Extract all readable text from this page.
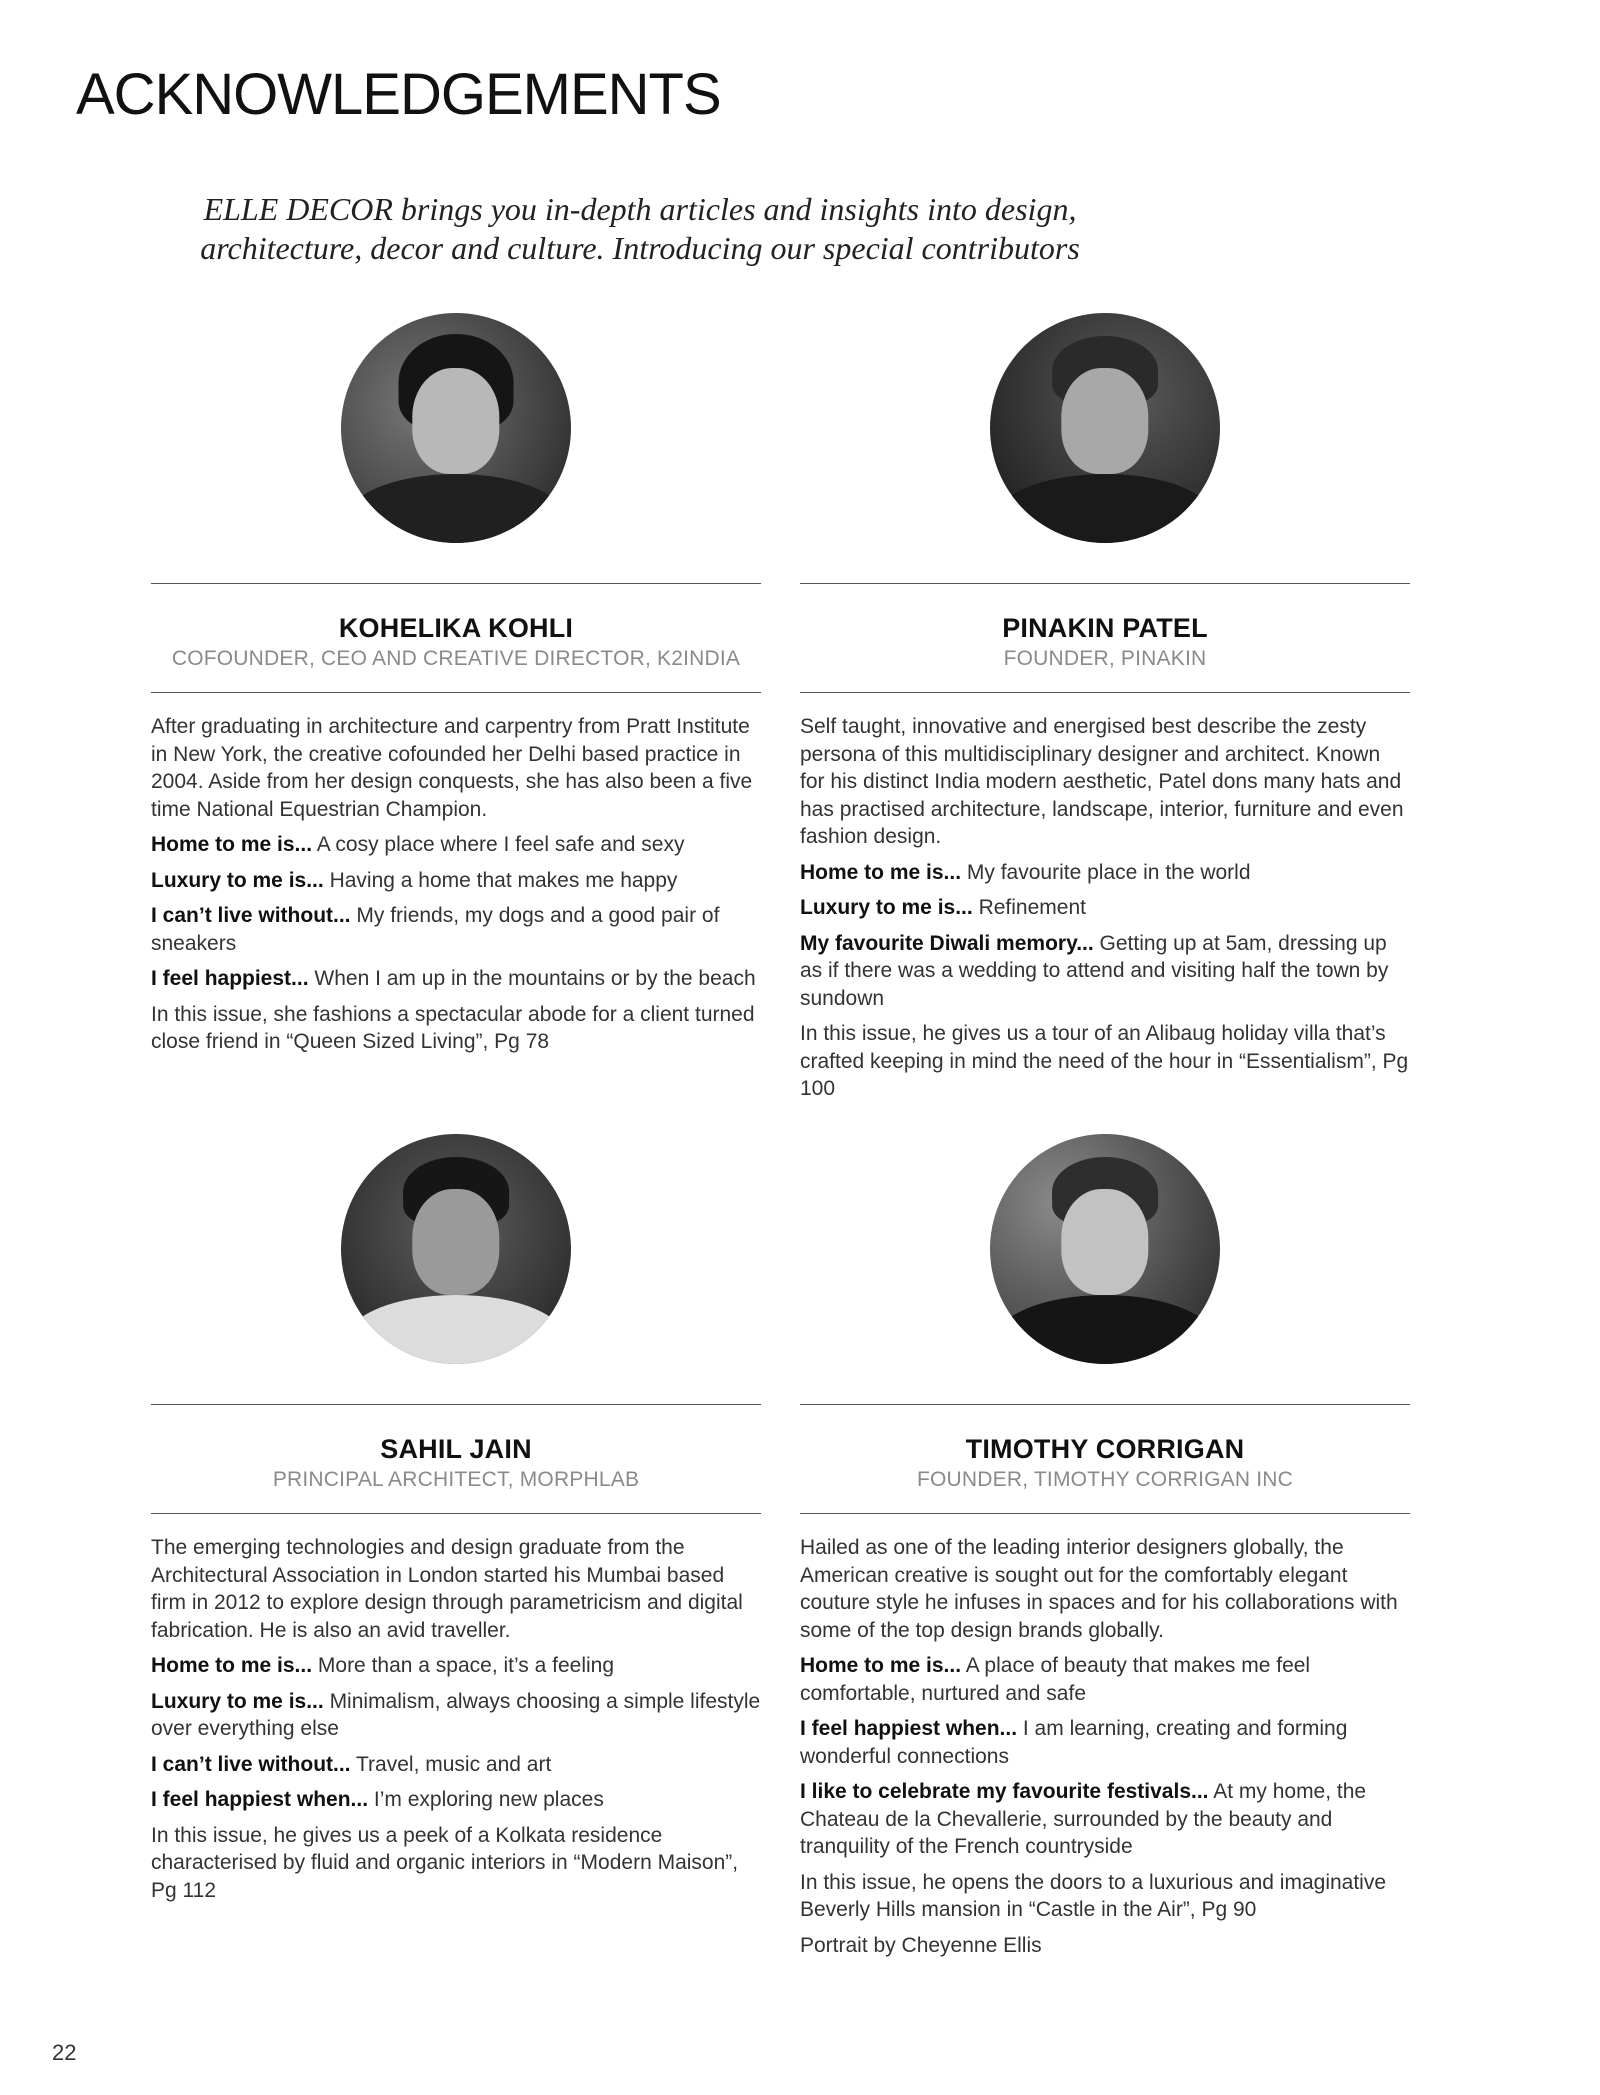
ACKNOWLEDGEMENTS

ELLE DECOR brings you in-depth articles and insights into design,
architecture, decor and culture. Introducing our special contributors

KOHELIKA KOHLI
COFOUNDER, CEO AND CREATIVE DIRECTOR, K2INDIA

After graduating in architecture and carpentry from Pratt Institute in New York, the creative cofounded her Delhi based practice in 2004. Aside from her design conquests, she has also been a five time National Equestrian Champion.

Home to me is... A cosy place where I feel safe and sexy

Luxury to me is... Having a home that makes me happy

I can’t live without... My friends, my dogs and a good pair of sneakers

I feel happiest... When I am up in the mountains or by the beach

In this issue, she fashions a spectacular abode for a client turned close friend in “Queen Sized Living”, Pg 78

PINAKIN PATEL
FOUNDER, PINAKIN

Self taught, innovative and energised best describe the zesty persona of this multidisciplinary designer and architect. Known for his distinct India modern aesthetic, Patel dons many hats and has practised architecture, landscape, interior, furniture and even fashion design.

Home to me is... My favourite place in the world

Luxury to me is... Refinement

My favourite Diwali memory... Getting up at 5am, dressing up as if there was a wedding to attend and visiting half the town by sundown

In this issue, he gives us a tour of an Alibaug holiday villa that’s crafted keeping in mind the need of the hour in “Essentialism”, Pg 100

SAHIL JAIN
PRINCIPAL ARCHITECT, MORPHLAB

The emerging technologies and design graduate from the Architectural Association in London started his Mumbai based firm in 2012 to explore design through parametricism and digital fabrication. He is also an avid traveller.

Home to me is... More than a space, it’s a feeling

Luxury to me is... Minimalism, always choosing a simple lifestyle over everything else

I can’t live without... Travel, music and art

I feel happiest when... I’m exploring new places

In this issue, he gives us a peek of a Kolkata residence characterised by fluid and organic interiors in “Modern Maison”, Pg 112

TIMOTHY CORRIGAN
FOUNDER, TIMOTHY CORRIGAN INC

Hailed as one of the leading interior designers globally, the American creative is sought out for the comfortably elegant couture style he infuses in spaces and for his collaborations with some of the top design brands globally.

Home to me is... A place of beauty that makes me feel comfortable, nurtured and safe

I feel happiest when... I am learning, creating and forming wonderful connections

I like to celebrate my favourite festivals... At my home, the Chateau de la Chevallerie, surrounded by the beauty and tranquility of the French countryside

In this issue, he opens the doors to a luxurious and imaginative Beverly Hills mansion in “Castle in the Air”, Pg 90

Portrait by Cheyenne Ellis

22
